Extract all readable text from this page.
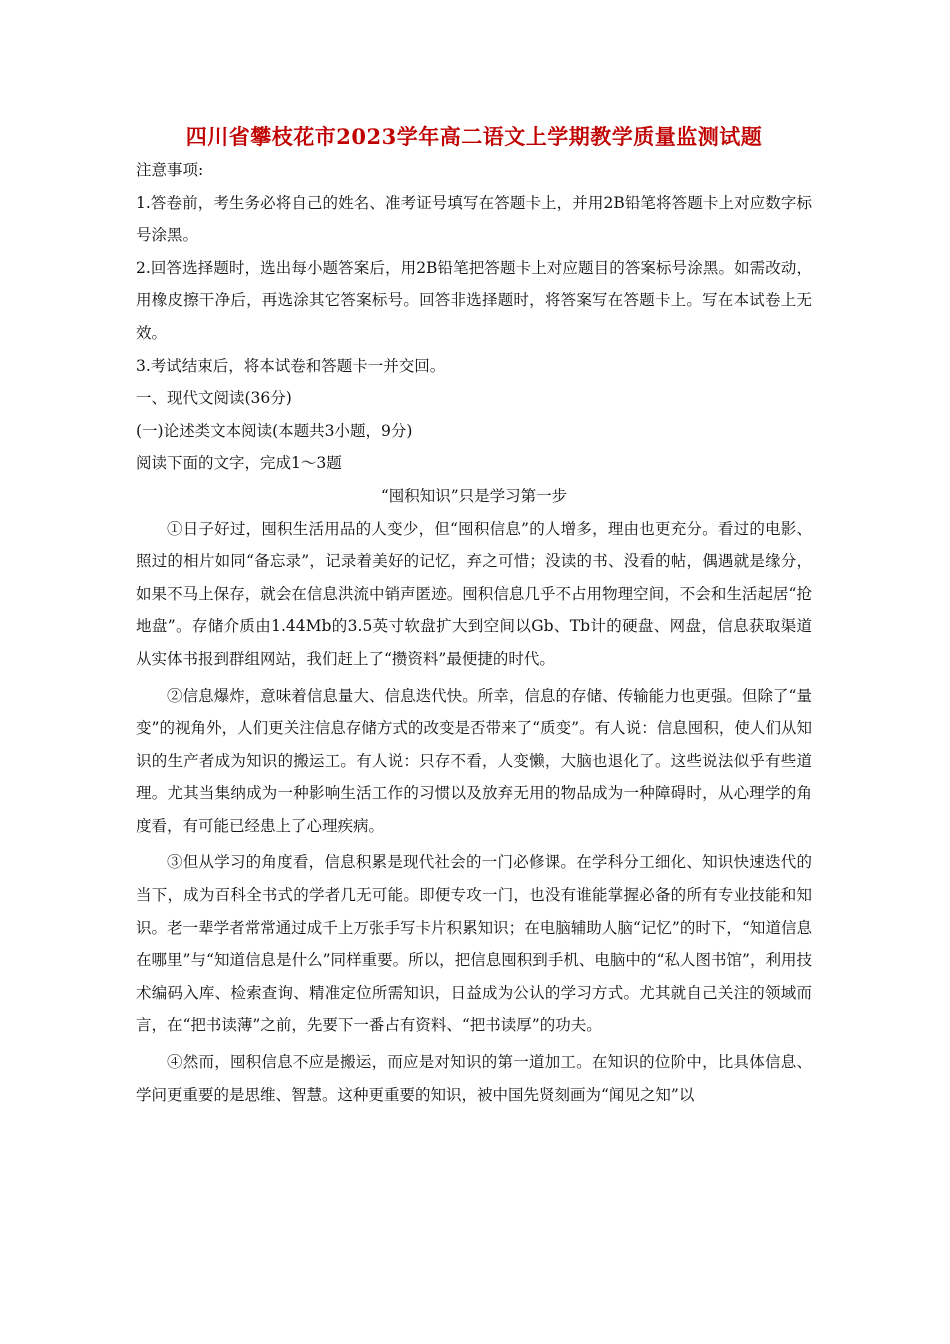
四川省攀枝花市2023学年高二语文上学期教学质量监测试题

注意事项:

1.答卷前，考生务必将自己的姓名、准考证号填写在答题卡上，并用2B铅笔将答题卡上对应数字标号涂黑。

2.回答选择题时，选出每小题答案后，用2B铅笔把答题卡上对应题目的答案标号涂黑。如需改动，用橡皮擦干净后，再选涂其它答案标号。回答非选择题时，将答案写在答题卡上。写在本试卷上无效。

3.考试结束后，将本试卷和答题卡一并交回。

一、现代文阅读(36分)

(一)论述类文本阅读(本题共3小题，9分)

阅读下面的文字，完成1～3题

“囤积知识”只是学习第一步

①日子好过，囤积生活用品的人变少，但“囤积信息”的人增多，理由也更充分。看过的电影、照过的相片如同“备忘录”，记录着美好的记忆，弃之可惜；没读的书、没看的帖，偶遇就是缘分，如果不马上保存，就会在信息洪流中销声匿迹。囤积信息几乎不占用物理空间，不会和生活起居“抢地盘”。存储介质由1.44Mb的3.5英寸软盘扩大到空间以Gb、Tb计的硬盘、网盘，信息获取渠道从实体书报到群组网站，我们赶上了“攒资料”最便捷的时代。

②信息爆炸，意味着信息量大、信息迭代快。所幸，信息的存储、传输能力也更强。但除了“量变”的视角外，人们更关注信息存储方式的改变是否带来了“质变”。有人说：信息囤积，使人们从知识的生产者成为知识的搬运工。有人说：只存不看，人变懒，大脑也退化了。这些说法似乎有些道理。尤其当集纳成为一种影响生活工作的习惯以及放弃无用的物品成为一种障碍时，从心理学的角度看，有可能已经患上了心理疾病。

③但从学习的角度看，信息积累是现代社会的一门必修课。在学科分工细化、知识快速迭代的当下，成为百科全书式的学者几无可能。即便专攻一门，也没有谁能掌握必备的所有专业技能和知识。老一辈学者常常通过成千上万张手写卡片积累知识；在电脑辅助人脑“记忆”的时下，“知道信息在哪里”与“知道信息是什么”同样重要。所以，把信息囤积到手机、电脑中的“私人图书馆”，利用技术编码入库、检索查询、精准定位所需知识，日益成为公认的学习方式。尤其就自己关注的领域而言，在“把书读薄”之前，先要下一番占有资料、“把书读厚”的功夫。

④然而，囤积信息不应是搬运，而应是对知识的第一道加工。在知识的位阶中，比具体信息、学问更重要的是思维、智慧。这种更重要的知识，被中国先贤刻画为“闻见之知”以
